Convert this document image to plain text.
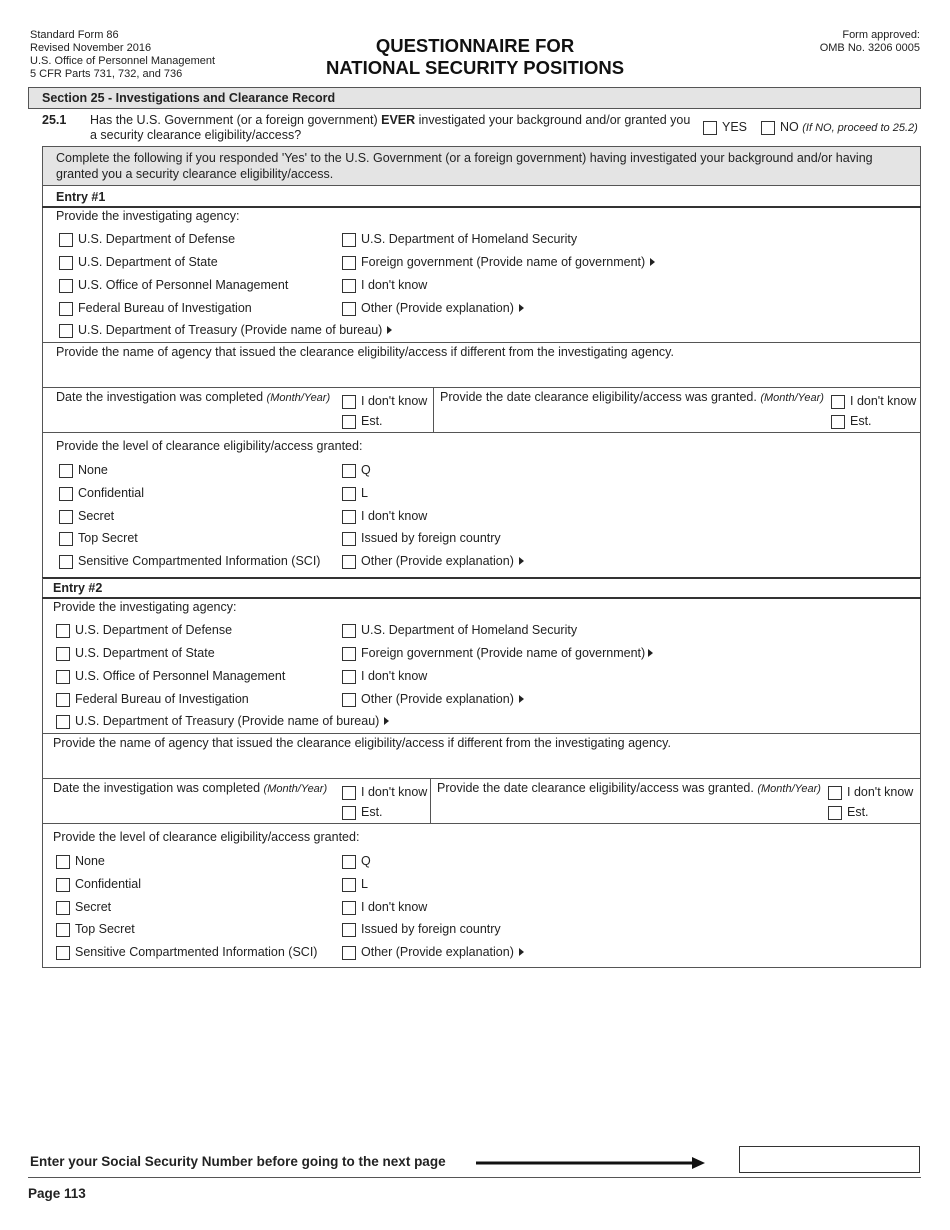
Standard Form 86
Revised November 2016
U.S. Office of Personnel Management
5 CFR Parts 731, 732, and 736
QUESTIONNAIRE FOR
NATIONAL SECURITY POSITIONS
Form approved:
OMB No. 3206 0005
Section 25 - Investigations and Clearance Record
25.1 Has the U.S. Government (or a foreign government) EVER investigated your background and/or granted you
a security clearance eligibility/access?
YES	NO (If NO, proceed to 25.2)
Complete the following if you responded 'Yes' to the U.S. Government (or a foreign government) having investigated your background and/or having granted you a security clearance eligibility/access.
Entry #1
Provide the investigating agency:
U.S. Department of Defense
U.S. Department of State
U.S. Office of Personnel Management
Federal Bureau of Investigation
U.S. Department of Treasury (Provide name of bureau)
U.S. Department of Homeland Security
Foreign government (Provide name of government)
I don't know
Other (Provide explanation)
Provide the name of agency that issued the clearance eligibility/access if different from the investigating agency.
Date the investigation was completed (Month/Year) I don't know
Est.
Provide the date clearance eligibility/access was granted. (Month/Year) I don't know
Est.
Provide the level of clearance eligibility/access granted:
None
Confidential
Secret
Top Secret
Sensitive Compartmented Information (SCI)
Q
L
I don't know
Issued by foreign country
Other (Provide explanation)
Entry #2
Provide the investigating agency:
U.S. Department of Defense
U.S. Department of State
U.S. Office of Personnel Management
Federal Bureau of Investigation
U.S. Department of Treasury (Provide name of bureau)
U.S. Department of Homeland Security
Foreign government (Provide name of government)
I don't know
Other (Provide explanation)
Provide the name of agency that issued the clearance eligibility/access if different from the investigating agency.
Date the investigation was completed (Month/Year)	I don't know
Est.
Provide the date clearance eligibility/access was granted. (Month/Year) I don't know
Est.
Provide the level of clearance eligibility/access granted:
None
Confidential
Secret
Top Secret
Sensitive Compartmented Information (SCI)
Q
L
I don't know
Issued by foreign country
Other (Provide explanation)
Enter your Social Security Number before going to the next page
Page 113
